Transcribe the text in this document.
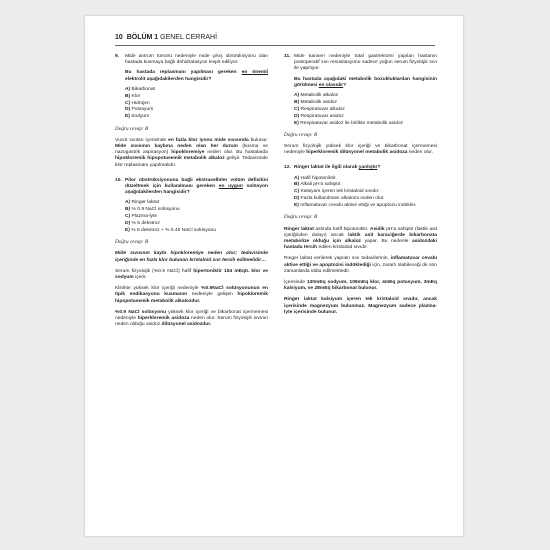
10 BÖLÜM 1 GENEL CERRAHİ
9.	Mide antrum tümörü nedeniyle mide çıkış obstrüksiyonu olan hastada kusmaya bağlı dehidratasyon tespit ediliyor.
Bu hastada replasmanı yapılması gereken en önemli elektrolit aşağıdakilerden hangisidir?
A) Bikarbonat
B) Klor
C) Hidrojen
D) Potasyum
E) Sodyum
Doğru cevap: B

Vucüt sıvıları içerisinde en fazla klor iyonu mide sıvısında bulunur. Mide sıvısının kaybına neden olan her durum (kusma ve nazogastrik aspirasyon) hipokloremiye neden olur. Bu hastalarda hipokloremik hipopotasemik metabolik alkaloz gelişir. Tedavisinde klor replasmanı yapılmalıdır.

10. Pilor obstrüksiyonuna bağlı ekstrasellüler volüm defisitini düzeltmek için kullanılması gereken en uygun solüsyon aşağıdakilerden hangisidir?
A) Ringer laktat
B) % 0.9 NaCl solüsyonu
C) Plazma-lyte
D) % 5 dekstroz
E) % 5 dekstroz + % 0.45 NaCl solüsyonu
Doğru cevap: B

Mide sıvısının kaybı hipokloremiye neden olur; tedavisinde içeriğinde en fazla klor bulunan kristaloid sıvı tercih edilmelidir…

Serum fizyolojik (%0.9 NaCl) hafif hipertoniktir 154 mEq/L klor ve sodyum içerir.

Klinikte yüksek klor içeriği nedeniyle %0.9NaCl solüsyonunun en tipik endikasyonu kusmanın nedeniyle gelişen hipokloremik hipopotasemik metabolik alkalozdur.

%0.9 NaCl solüsyonu yüksek klor içeriği ve bikarbonat içermemesi nedeniyle hiperkloremik asidoza neden olur. Serum fizyolojik sıvının neden olduğu asidoz dilüsyonel asidozdur.

11. Mide kanseri nedeniyle total gastrektomi yapılan hastanın postoperatif sıvı resüsitasyonu sadece yoğun serum fizyolojik sıvı ile yapılıyor.
Bu hastada aşağıdaki metabolik bozukluklardan hangisinin görülmesi en olasıdır?
A) Metabolik alkaloz
B) Metabolik asidoz
C) Respiratuvar alkaloz
D) Respiratuvar asidoz
E) Respiratuvar asidoz ile birlikte metabolik asidoz
Doğru cevap: B

Serum fizyolojik yüksek klor içeriği ve bikarbonat içermemesi nedeniyle hiperkloremik dilüsyonel metabolik asidoza neden olur.

12. Ringer laktat ile ilgili olarak yanlıştır?
A) Hafif hipotoniktir.
B) Alkali pH'a sahiptir.
C) Kalsiyum içeren tek kristaloid sıvıdır.
D) Fazla kullanılması alkaloza neden olur.
E) İnflamatuvar cevabı aktive ettiği ve apoptozu indükler.
Doğru cevap: B

Ringer laktat aslında hafif hipotoniktir. Asidik pH'a sahiptir (laktik asit içeriğinden dolayı) ancak laktik asit karaciğerde bikarbonata metabolize olduğu için alkaloz yapar. Bu nedenle asidozdaki hastada tercih edilen kristaloid sıvıdır.

Ringer laktat verilerek yapılan sıvı tedavilerinin, inflamatuvar cevabı aktive ettiği ve apoptozisi indüklediği için, zararlı olabileceği de son zamanlarda iddia edilmektedir.

İçerisinde 130mEq sodyum, 109mEq klor, 4mEq potasyum, 3mEq kalsiyum, ve 28mEq bikarbonat bulunur.

Ringer laktat kalsiyum içeren tek kristaloid sıvıdır, ancak içerisinde magnezyum bulunmaz. Magnezyum sadece plazma-lyte içerisinde bulunur.
